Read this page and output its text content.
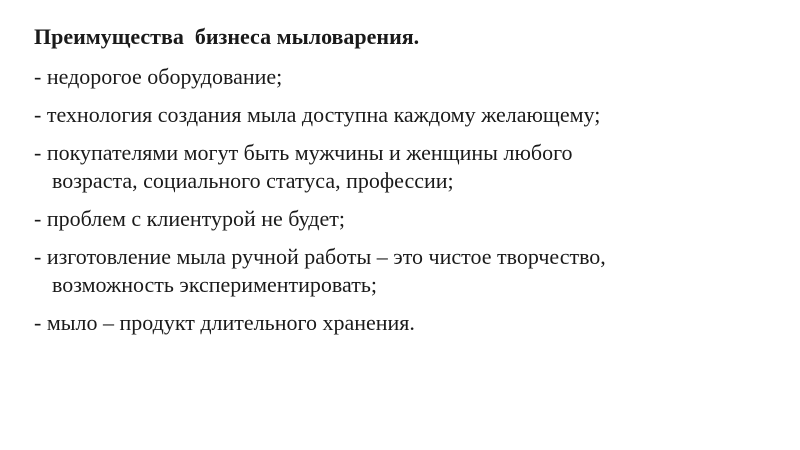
Преимущества  бизнеса мыловарения.
- недорогое оборудование;
- технология создания мыла доступна каждому желающему;
- покупателями могут быть мужчины и женщины любого
возраста, социального статуса, профессии;
- проблем с клиентурой не будет;
- изготовление мыла ручной работы – это чистое творчество,
возможность экспериментировать;
- мыло – продукт длительного хранения.
